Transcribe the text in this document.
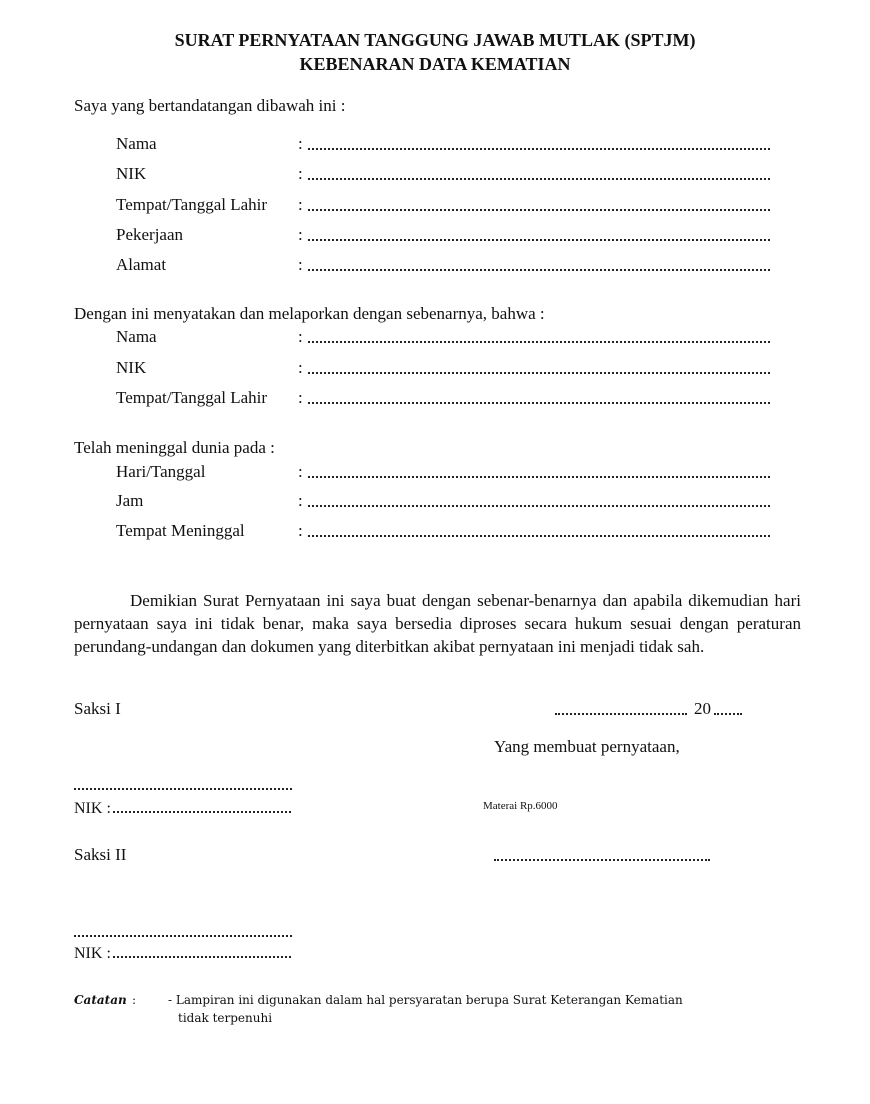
SURAT PERNYATAAN TANGGUNG JAWAB MUTLAK (SPTJM)
KEBENARAN DATA KEMATIAN
Saya yang bertandatangan dibawah ini :
Nama	:
NIK	:
Tempat/Tanggal Lahir :
Pekerjaan	:
Alamat	:
Dengan ini menyatakan dan melaporkan dengan sebenarnya, bahwa :
Nama	:
NIK	:
Tempat/Tanggal Lahir :
Telah meninggal dunia pada :
Hari/Tanggal	:
Jam	:
Tempat Meninggal	:
Demikian Surat Pernyataan ini saya buat dengan sebenar-benarnya dan apabila dikemudian hari pernyataan saya ini tidak benar, maka saya bersedia diproses secara hukum sesuai dengan peraturan perundang-undangan dan dokumen yang diterbitkan akibat pernyataan ini menjadi tidak sah.
Saksi I	20
Yang membuat pernyataan,
NIK :	Materai Rp.6000
Saksi II
NIK :
Catatan :	- Lampiran ini digunakan dalam hal persyaratan berupa Surat Keterangan Kematian
tidak terpenuhi
